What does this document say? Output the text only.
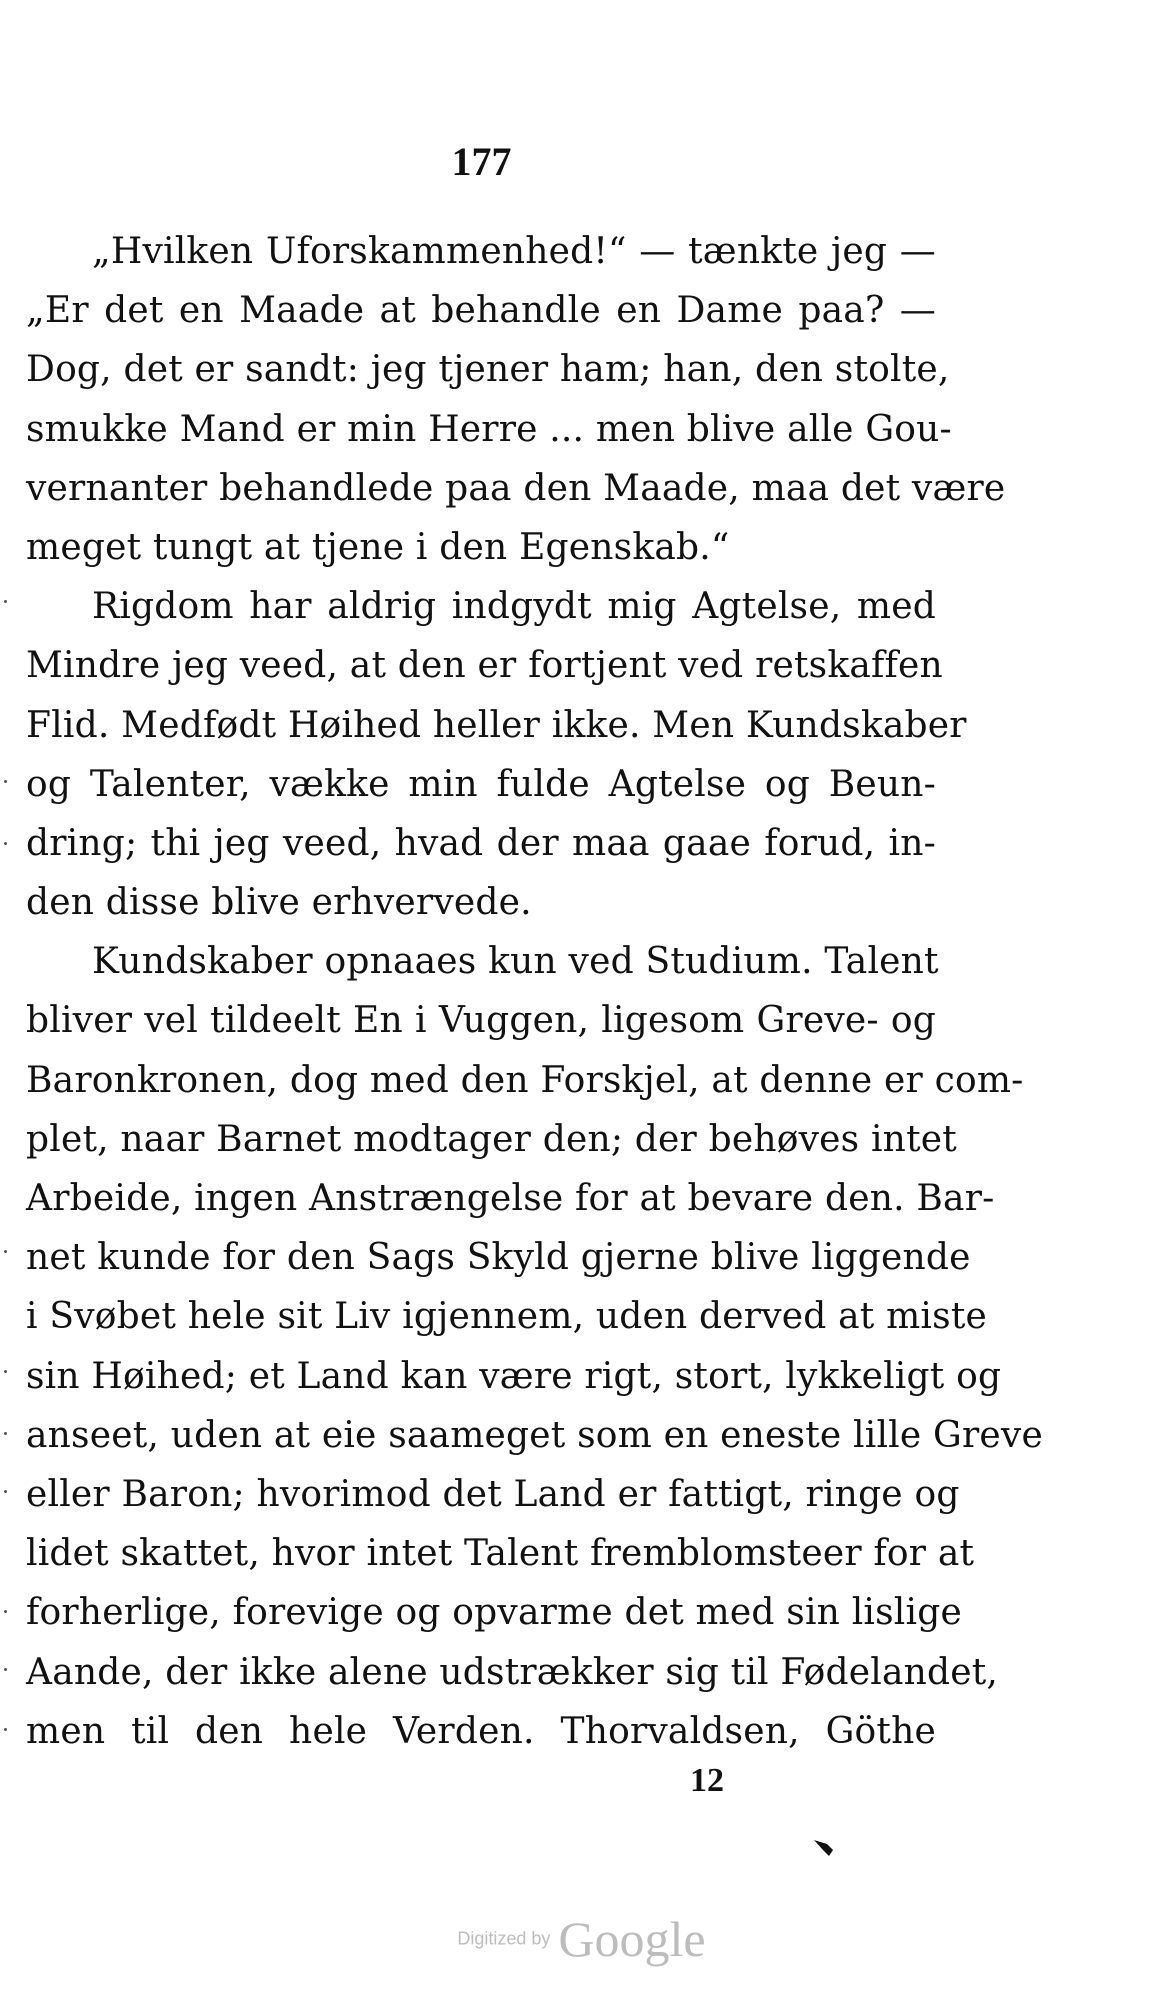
177
„Hvilken Uforskammenhed!“ — tænkte jeg —
„Er det en Maade at behandle en Dame paa? —
Dog, det er sandt: jeg tjener ham; han, den stolte,
smukke Mand er min Herre ... men blive alle Gou-
vernanter behandlede paa den Maade, maa det være
meget tungt at tjene i den Egenskab.“
Rigdom har aldrig indgydt mig Agtelse, med
Mindre jeg veed, at den er fortjent ved retskaffen
Flid. Medfødt Høihed heller ikke. Men Kundskaber
og Talenter, vække min fulde Agtelse og Beun-
dring; thi jeg veed, hvad der maa gaae forud, in-
den disse blive erhvervede.
Kundskaber opnaaes kun ved Studium. Talent
bliver vel tildeelt En i Vuggen, ligesom Greve- og
Baronkronen, dog med den Forskjel, at denne er com-
plet, naar Barnet modtager den; der behøves intet
Arbeide, ingen Anstrængelse for at bevare den. Bar-
net kunde for den Sags Skyld gjerne blive liggende
i Svøbet hele sit Liv igjennem, uden derved at miste
sin Høihed; et Land kan være rigt, stort, lykkeligt og
anseet, uden at eie saameget som en eneste lille Greve
eller Baron; hvorimod det Land er fattigt, ringe og
lidet skattet, hvor intet Talent fremblomsteer for at
forherlige, forevige og opvarme det med sin lislige
Aande, der ikke alene udstrækker sig til Fødelandet,
men til den hele Verden. Thorvaldsen, Göthe
12
Digitized by Google
